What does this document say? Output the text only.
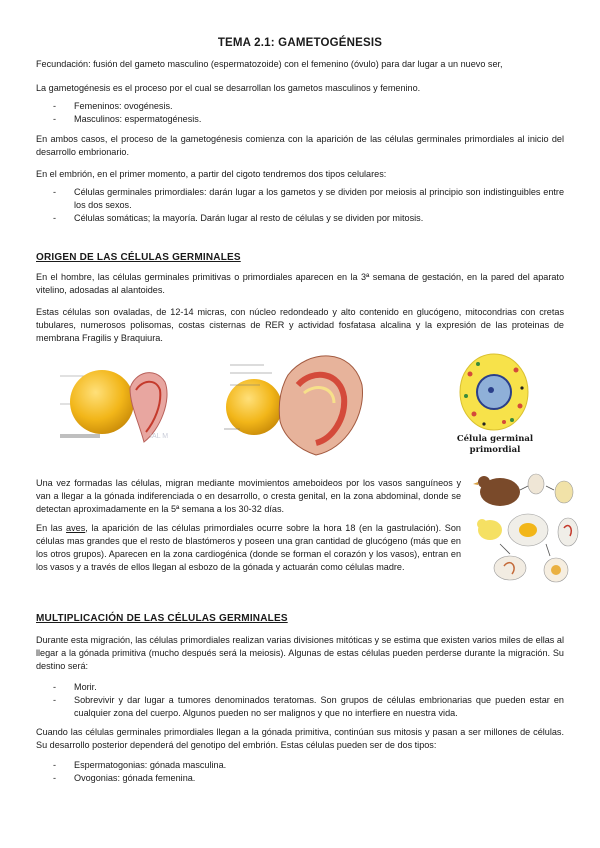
TEMA 2.1: GAMETOGÉNESIS

Fecundación: fusión del gameto masculino (espermatozoide) con el femenino (óvulo) para dar lugar a un nuevo ser,

La gametogénesis es el proceso por el cual se desarrollan los gametos masculinos y femenino.

- Femeninos: ovogénesis.
- Masculinos: espermatogénesis.

En ambos casos, el proceso de la gametogénesis comienza con la aparición de las células germinales primordiales al inicio del desarrollo embrionario.

En el embrión, en el primer momento, a partir del cigoto tendremos dos tipos celulares:

- Células germinales primordiales: darán lugar a los gametos y se dividen por meiosis al principio son indistinguibles entre los dos sexos.
- Células somáticas; la mayoría. Darán lugar al resto de células y se dividen por mitosis.
ORIGEN DE LAS CÉLULAS GERMINALES

En el hombre, las células germinales primitivas o primordiales aparecen en la 3ª semana de gestación, en la pared del aparato vitelino, adosadas al alantoides.

Estas células son ovaladas, de 12-14 micras, con núcleo redondeado y alto contenido en glucógeno, mitocondrias con cretas tubulares, numerosos polisomas, costas cisternas de RER y actividad fosfatasa alcalina y la expresión de las proteinas de membrana Fragilis y Braquiura.

IAL M	Célula germinal
primordial

Una vez formadas las células, migran mediante movimientos ameboideos por los vasos sanguíneos y van a llegar a la gónada indiferenciada o en desarrollo, o cresta genital, en la zona abdominal, donde se detectan aproximadamente en la 5ª semana a los 30-32 días.

En las aves, la aparición de las células primordiales ocurre sobre la hora 18 (en la gastrulación). Son células mas grandes que el resto de blastómeros y poseen una gran cantidad de glucógeno (más que en los otros grupos). Aparecen en la zona cardiogénica (donde se forman el corazón y los vasos), entran en los vasos y a través de ellos llegan al esbozo de la gónada y actuarán como células madre.

MULTIPLICACIÓN DE LAS CÉLULAS GERMINALES

Durante esta migración, las células primordiales realizan varias divisiones mitóticas y se estima que existen varios miles de ellas al llegar a la gónada primitiva (mucho después será la meiosis). Algunas de estas células pueden perderse durante la migración. Su destino será:

- Morir.
- Sobrevivir y dar lugar a tumores denominados teratomas. Son grupos de células embrionarias que pueden estar en cualquier zona del cuerpo. Algunos pueden no ser malignos y que no interfiere en nuestra vida.

Cuando las células germinales primordiales llegan a la gónada primitiva, continúan sus mitosis y pasan a ser millones de células. Su desarrollo posterior dependerá del genotipo del embrión. Estas células pueden ser de dos tipos:

- Espermatogonias: gónada masculina.
- Ovogonias: gónada femenina.
